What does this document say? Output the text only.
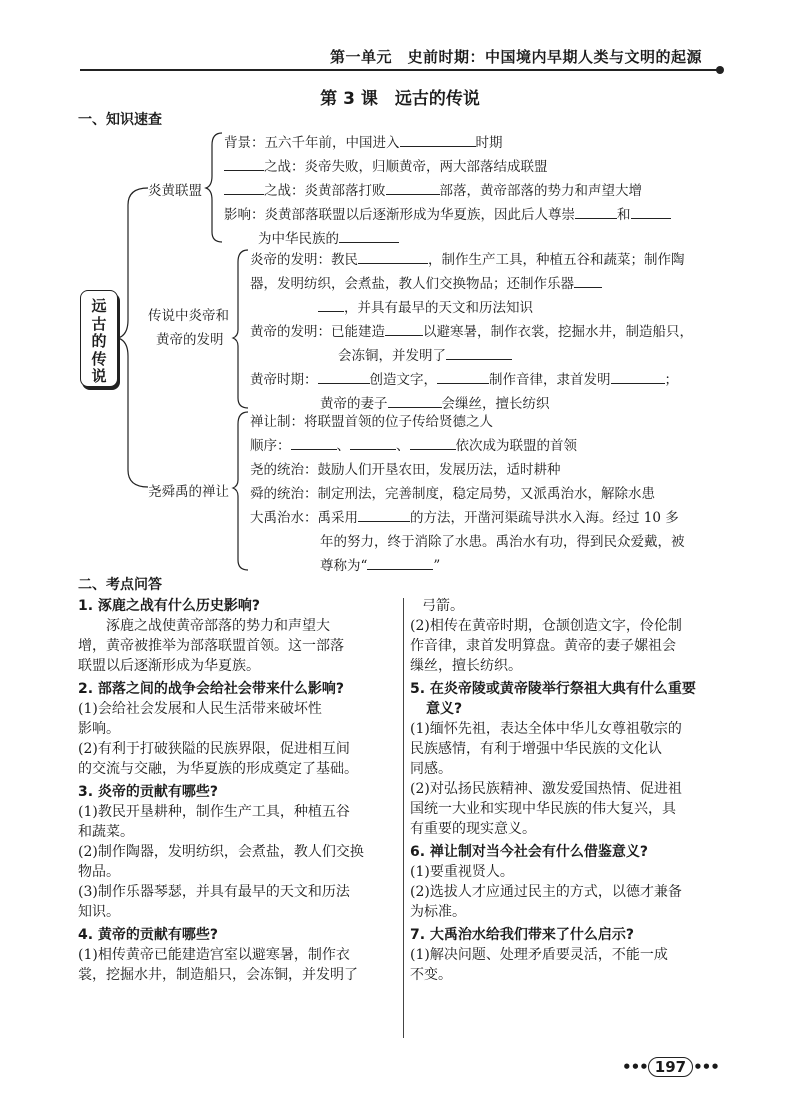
第一单元　史前时期：中国境内早期人类与文明的起源
第 3 课　远古的传说
一、知识速查
远
古
的
传
说
炎黄联盟
背景：五六千年前，中国进入	时期
之战：炎帝失败，归顺黄帝，两大部落结成联盟
之战：炎黄部落打败	部落，黄帝部落的势力和声望大增
影响：炎黄部落联盟以后逐渐形成为华夏族，因此后人尊崇	和
为中华民族的
传说中炎帝和
黄帝的发明
炎帝的发明：教民	，制作生产工具，种植五谷和蔬菜；制作陶
器，发明纺织，会煮盐，教人们交换物品；还制作乐器
，并具有最早的天文和历法知识
黄帝的发明：已能建造	以避寒暑，制作衣裳，挖掘水井，制造船只，
会冻铜，并发明了
黄帝时期：	创造文字，	制作音律，隶首发明	；
黄帝的妻子	会缫丝，擅长纺织
尧舜禹的禅让
禅让制：将联盟首领的位子传给贤德之人
顺序：	、	、	依次成为联盟的首领
尧的统治：鼓励人们开垦农田，发展历法，适时耕种
舜的统治：制定刑法，完善制度，稳定局势，又派禹治水，解除水患
大禹治水：禹采用	的方法，开凿河渠疏导洪水入海。经过 10 多
年的努力，终于消除了水患。禹治水有功，得到民众爱戴，被
尊称为“	”
二、考点问答
1. 涿鹿之战有什么历史影响?
　　涿鹿之战使黄帝部落的势力和声望大
增，黄帝被推举为部落联盟首领。这一部落
联盟以后逐渐形成为华夏族。
2. 部落之间的战争会给社会带来什么影响?
(1)会给社会发展和人民生活带来破坏性
影响。
(2)有利于打破狭隘的民族界限，促进相互间
的交流与交融，为华夏族的形成奠定了基础。
3. 炎帝的贡献有哪些?
(1)教民开垦耕种，制作生产工具，种植五谷
和蔬菜。
(2)制作陶器，发明纺织，会煮盐，教人们交换
物品。
(3)制作乐器琴瑟，并具有最早的天文和历法
知识。
4. 黄帝的贡献有哪些?
(1)相传黄帝已能建造宫室以避寒暑，制作衣
裳，挖掘水井，制造船只，会冻铜，并发明了
弓箭。
(2)相传在黄帝时期，仓颉创造文字，伶伦制
作音律，隶首发明算盘。黄帝的妻子嫘祖会
缫丝，擅长纺织。
5. 在炎帝陵或黄帝陵举行祭祖大典有什么重要
意义?
(1)缅怀先祖，表达全体中华儿女尊祖敬宗的
民族感情，有利于增强中华民族的文化认
同感。
(2)对弘扬民族精神、激发爱国热情、促进祖
国统一大业和实现中华民族的伟大复兴，具
有重要的现实意义。
6. 禅让制对当今社会有什么借鉴意义?
(1)要重视贤人。
(2)选拔人才应通过民主的方式，以德才兼备
为标准。
7. 大禹治水给我们带来了什么启示?
(1)解决问题、处理矛盾要灵活，不能一成
不变。
••• 197 •••
